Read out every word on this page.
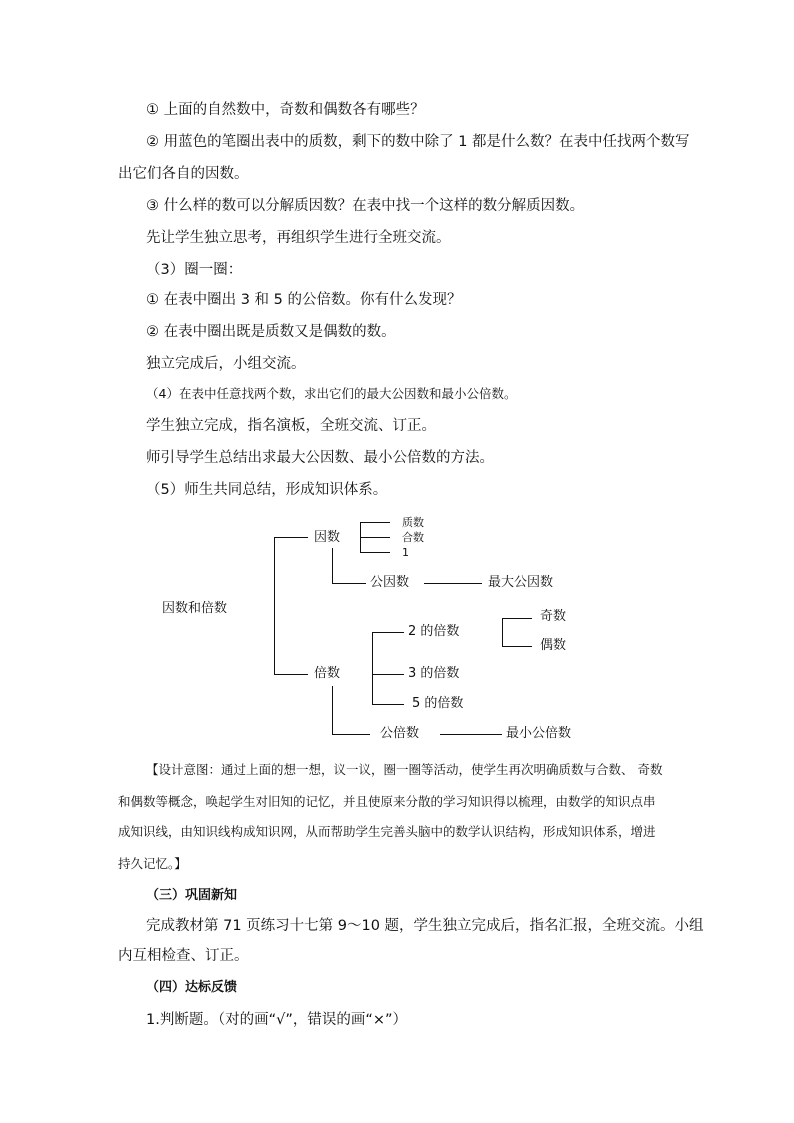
① 上面的自然数中，奇数和偶数各有哪些？
② 用蓝色的笔圈出表中的质数，剩下的数中除了 1 都是什么数？在表中任找两个数写
出它们各自的因数。
③ 什么样的数可以分解质因数？在表中找一个这样的数分解质因数。
先让学生独立思考，再组织学生进行全班交流。
（3）圈一圈：
① 在表中圈出 3 和 5 的公倍数。你有什么发现？
② 在表中圈出既是质数又是偶数的数。
独立完成后，小组交流。
（4）在表中任意找两个数，求出它们的最大公因数和最小公倍数。
学生独立完成，指名演板，全班交流、订正。
师引导学生总结出求最大公因数、最小公倍数的方法。
（5）师生共同总结，形成知识体系。
因数和倍数
因数
质数
合数
1
公因数	最大公因数
倍数
2 的倍数
奇数
偶数
3 的倍数
5 的倍数
公倍数	最小公倍数
【设计意图：通过上面的想一想，议一议，圈一圈等活动，使学生再次明确质数与合数、 奇数
和偶数等概念，唤起学生对旧知的记忆，并且使原来分散的学习知识得以梳理，由数学的知识点串
成知识线，由知识线构成知识网，从而帮助学生完善头脑中的数学认识结构，形成知识体系，增进
持久记忆。】
（三）巩固新知
完成教材第 71 页练习十七第 9～10 题，学生独立完成后，指名汇报，全班交流。小组
内互相检查、订正。
（四）达标反馈
1.判断题。（对的画“√”，错误的画“×”）
